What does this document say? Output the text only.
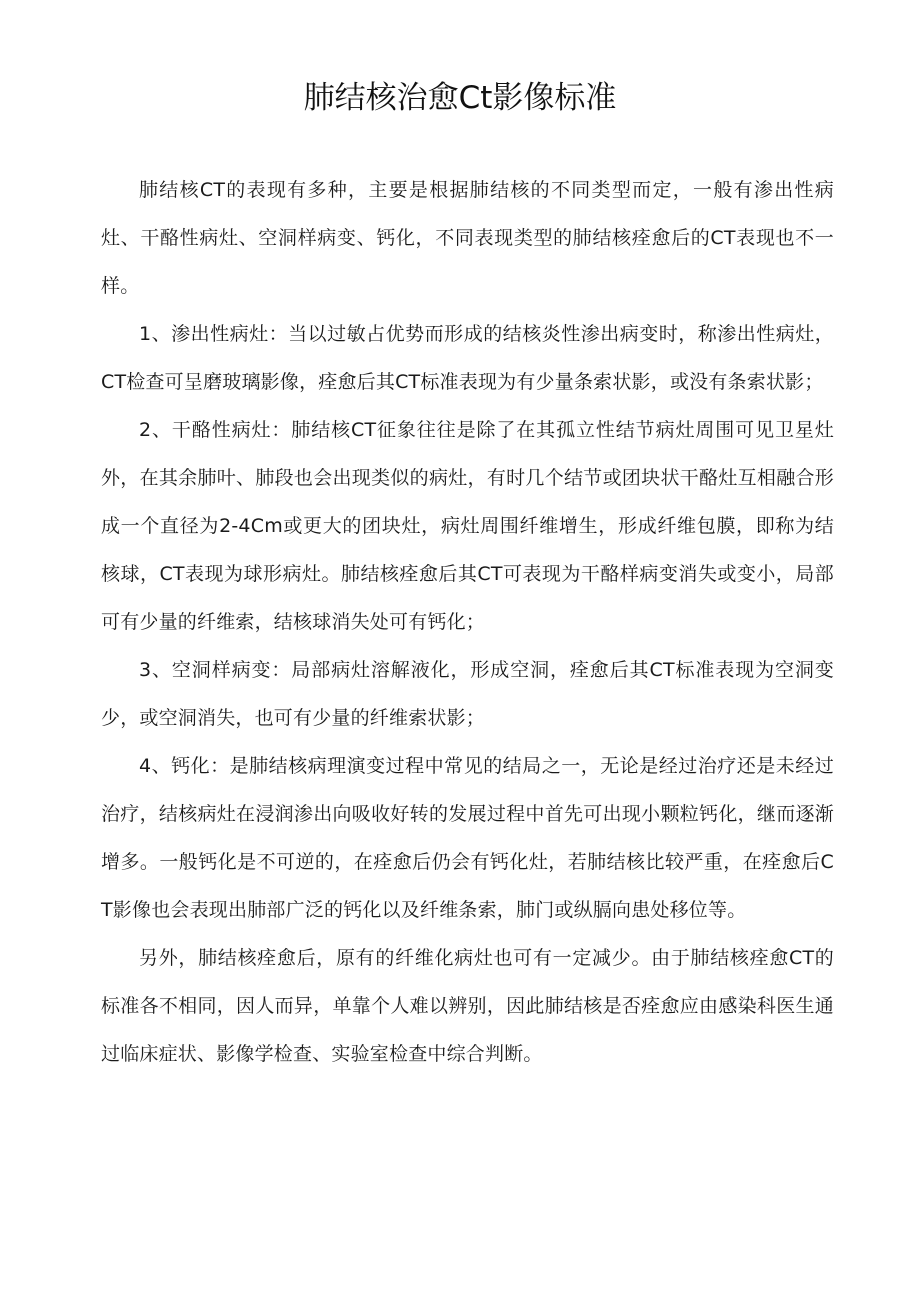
肺结核治愈Ct影像标准

肺结核CT的表现有多种，主要是根据肺结核的不同类型而定，一般有渗出性病灶、干酪性病灶、空洞样病变、钙化，不同表现类型的肺结核痊愈后的CT表现也不一样。

1、渗出性病灶：当以过敏占优势而形成的结核炎性渗出病变时，称渗出性病灶，CT检查可呈磨玻璃影像，痊愈后其CT标准表现为有少量条索状影，或没有条索状影；

2、干酪性病灶：肺结核CT征象往往是除了在其孤立性结节病灶周围可见卫星灶外，在其余肺叶、肺段也会出现类似的病灶，有时几个结节或团块状干酪灶互相融合形成一个直径为2-4Cm或更大的团块灶，病灶周围纤维增生，形成纤维包膜，即称为结核球，CT表现为球形病灶。肺结核痊愈后其CT可表现为干酪样病变消失或变小，局部可有少量的纤维索，结核球消失处可有钙化；

3、空洞样病变：局部病灶溶解液化，形成空洞，痊愈后其CT标准表现为空洞变少，或空洞消失，也可有少量的纤维索状影；

4、钙化：是肺结核病理演变过程中常见的结局之一，无论是经过治疗还是未经过治疗，结核病灶在浸润渗出向吸收好转的发展过程中首先可出现小颗粒钙化，继而逐渐增多。一般钙化是不可逆的，在痊愈后仍会有钙化灶，若肺结核比较严重，在痊愈后CT影像也会表现出肺部广泛的钙化以及纤维条索，肺门或纵膈向患处移位等。

另外，肺结核痊愈后，原有的纤维化病灶也可有一定减少。由于肺结核痊愈CT的标准各不相同，因人而异，单靠个人难以辨别，因此肺结核是否痊愈应由感染科医生通过临床症状、影像学检查、实验室检查中综合判断。
